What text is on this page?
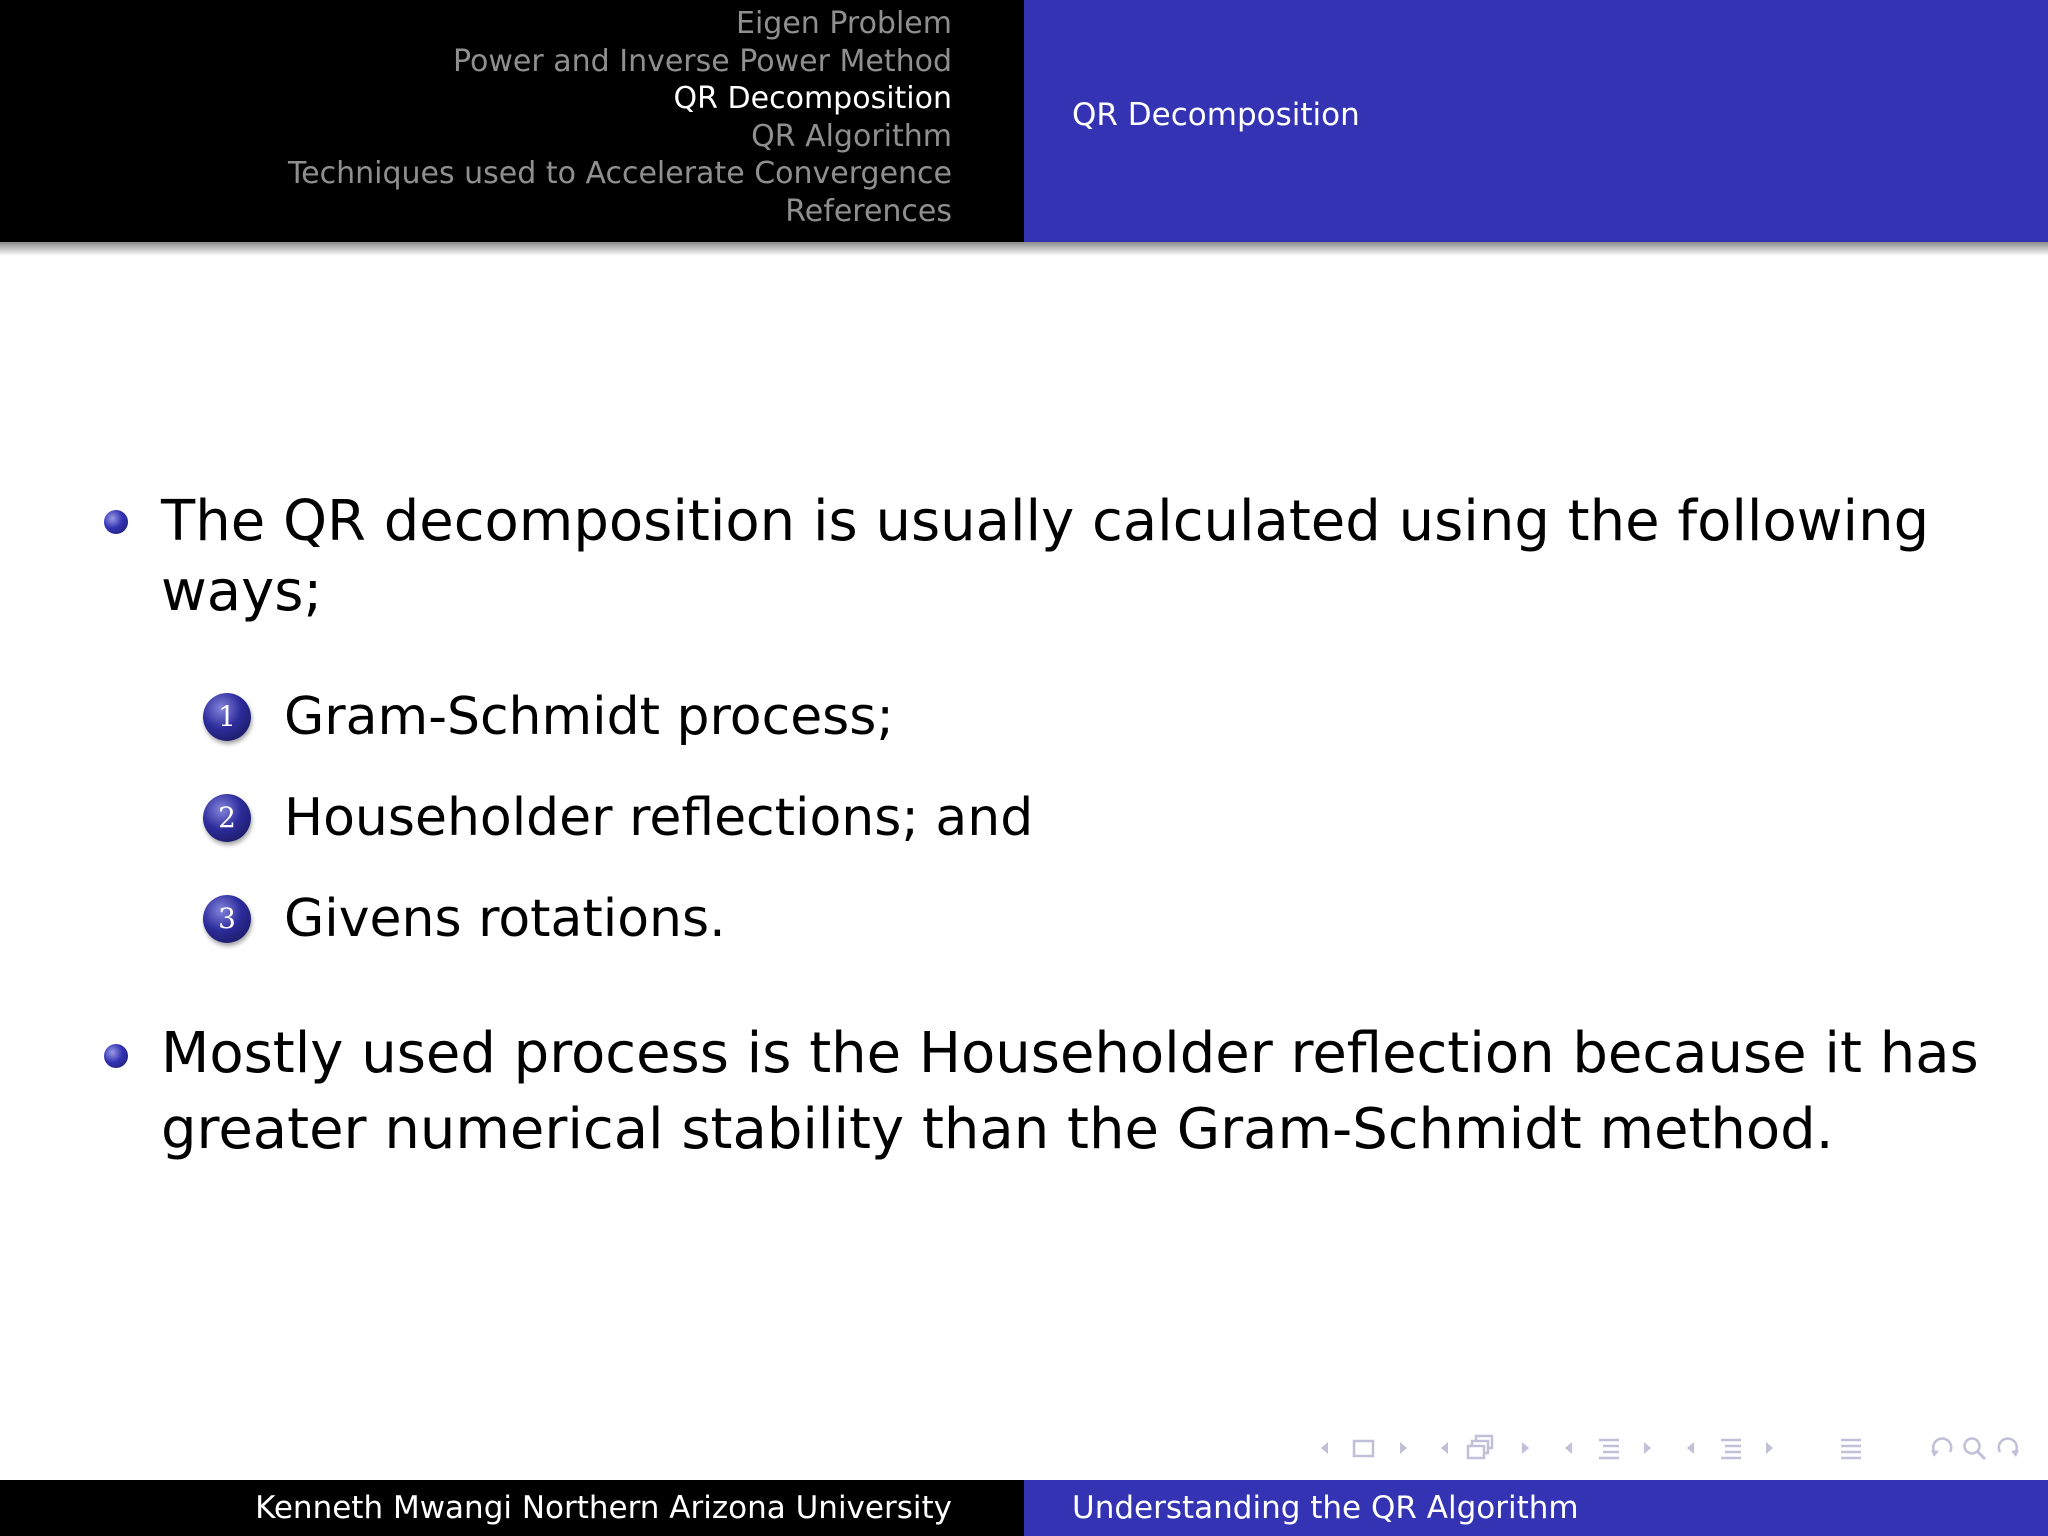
Eigen Problem
Power and Inverse Power Method
QR Decomposition
QR Algorithm
Techniques used to Accelerate Convergence
References
QR Decomposition
The QR decomposition is usually calculated using the following
ways;
1 Gram-Schmidt process;
2 Householder reflections; and
3 Givens rotations.
Mostly used process is the Householder reflection because it has
greater numerical stability than the Gram-Schmidt method.
Kenneth Mwangi Northern Arizona University	Understanding the QR Algorithm
